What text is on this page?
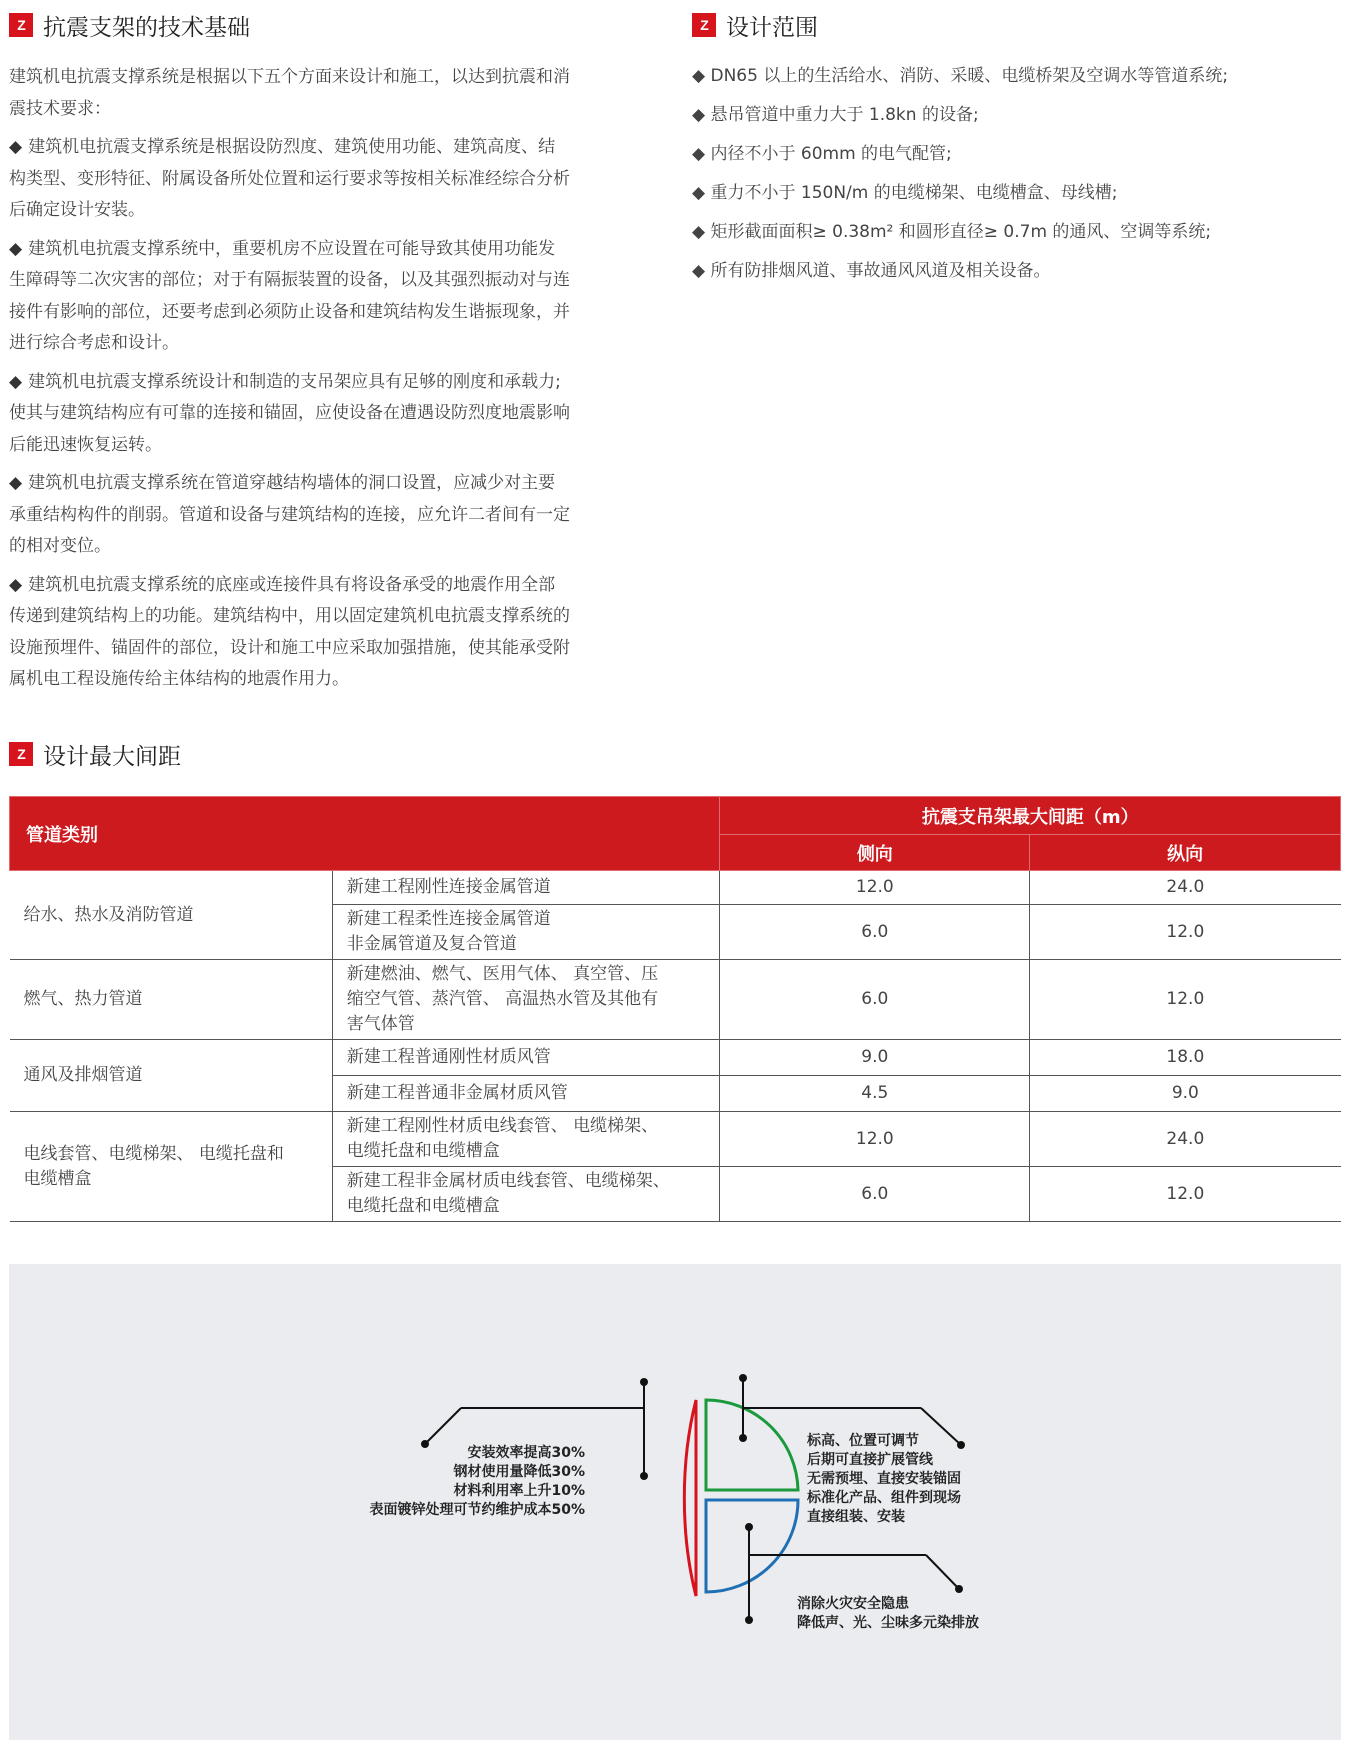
Z 抗震支架的技术基础

建筑机电抗震支撑系统是根据以下五个方面来设计和施工，以达到抗震和消
震技术要求：

◆ 建筑机电抗震支撑系统是根据设防烈度、建筑使用功能、建筑高度、结
构类型、变形特征、附属设备所处位置和运行要求等按相关标准经综合分析
后确定设计安装。

◆ 建筑机电抗震支撑系统中，重要机房不应设置在可能导致其使用功能发
生障碍等二次灾害的部位；对于有隔振装置的设备，以及其强烈振动对与连
接件有影响的部位，还要考虑到必须防止设备和建筑结构发生谐振现象，并
进行综合考虑和设计。

◆ 建筑机电抗震支撑系统设计和制造的支吊架应具有足够的刚度和承载力;
使其与建筑结构应有可靠的连接和锚固，应使设备在遭遇设防烈度地震影响
后能迅速恢复运转。

◆ 建筑机电抗震支撑系统在管道穿越结构墙体的洞口设置，应减少对主要
承重结构构件的削弱。管道和设备与建筑结构的连接，应允许二者间有一定
的相对变位。

◆ 建筑机电抗震支撑系统的底座或连接件具有将设备承受的地震作用全部
传递到建筑结构上的功能。建筑结构中，用以固定建筑机电抗震支撑系统的
设施预埋件、锚固件的部位，设计和施工中应采取加强措施，使其能承受附
属机电工程设施传给主体结构的地震作用力。

Z 设计范围
◆ DN65 以上的生活给水、消防、采暖、电缆桥架及空调水等管道系统;
◆ 悬吊管道中重力大于 1.8kn 的设备;
◆ 内径不小于 60mm 的电气配管;
◆ 重力不小于 150N/m 的电缆梯架、电缆槽盒、母线槽;
◆ 矩形截面面积≥ 0.38m² 和圆形直径≥ 0.7m 的通风、空调等系统;
◆ 所有防排烟风道、事故通风风道及相关设备。
Z 设计最大间距
管道类别		抗震支吊架最大间距（m）	
		侧向	纵向
给水、热水及消防管道	新建工程刚性连接金属管道	12.0	24.0
	新建工程柔性连接金属管道
非金属管道及复合管道	6.0	12.0
燃气、热力管道	新建燃油、燃气、医用气体、 真空管、压
缩空气管、蒸汽管、 高温热水管及其他有
害气体管	6.0	12.0
通风及排烟管道	新建工程普通刚性材质风管	9.0	18.0
	新建工程普通非金属材质风管	4.5	9.0
电线套管、电缆梯架、 电缆托盘和
电缆槽盒	新建工程刚性材质电线套管、 电缆梯架、
电缆托盘和电缆槽盒	12.0	24.0
	新建工程非金属材质电线套管、电缆梯架、
电缆托盘和电缆槽盒	6.0	12.0
安装效率提高30%
钢材使用量降低30%
材料利用率上升10%
表面镀锌处理可节约维护成本50%
标高、位置可调节
后期可直接扩展管线
无需预埋、直接安装锚固
标准化产品、组件到现场
直接组装、安装
消除火灾安全隐患
降低声、光、尘味多元染排放
